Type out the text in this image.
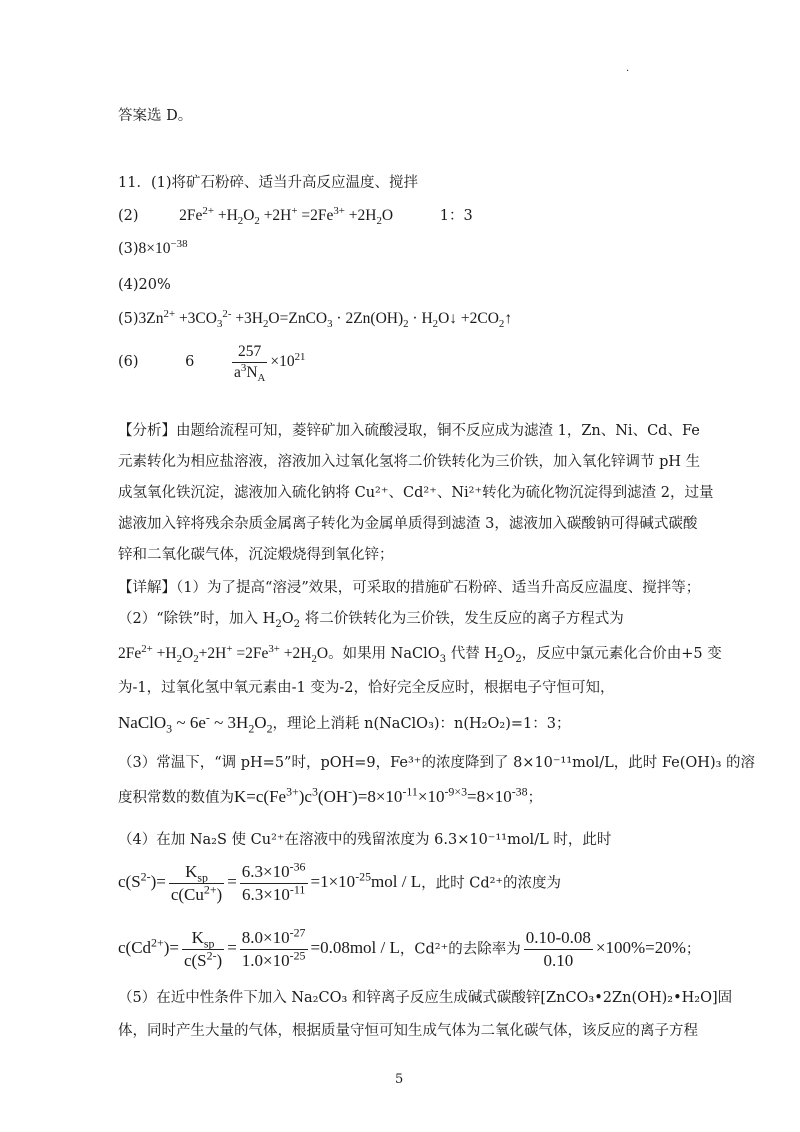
.
答案选 D。
11．(1)将矿石粉碎、适当升高反应温度、搅拌
(2)	$2Fe^{2+} +H_2O_2 +2H^+ =2Fe^{3+} +2H_2O$	1：3
$(3)8\times 10^{-38}$
(4)20%
$(5)3Zn^{2+} +3CO_3^{2-}$ $+3H_2O=ZnCO_3 \cdot 2Zn(OH)_2$ · $H_2O↓$ $+2CO_2↑$
(6)	$6 \frac{257}{a^3N_A} \times 10^{21}$
【分析】由题给流程可知，菱锌矿加入硫酸浸取，铜不反应成为滤渣 1，Zn、Ni、Cd、Fe
元素转化为相应盐溶液，溶液加入过氧化氢将二价铁转化为三价铁，加入氧化锌调节 pH 生
成氢氧化铁沉淀，滤液加入硫化钠将 Cu²⁺、Cd²⁺、Ni²⁺转化为硫化物沉淀得到滤渣 2，过量
滤液加入锌将残余杂质金属离子转化为金属单质得到滤渣 3，滤液加入碳酸钠可得碱式碳酸
锌和二氧化碳气体，沉淀煅烧得到氧化锌；
【详解】（1）为了提高“溶浸”效果，可采取的措施矿石粉碎、适当升高反应温度、搅拌等；
（2）“除铁”时，加入 $H_2O_2$ 将二价铁转化为三价铁，发生反应的离子方程式为
$2Fe^{2+} +H_2O_2+2H^+ =2Fe^{3+} +2H_2O$。如果用 NaClO$_3$ 代替 $H_2O_2$，反应中氯元素化合价由+5 变
为-1，过氧化氢中氧元素由-1 变为-2，恰好完全反应时，根据电子守恒可知，
NaClO$_3$ ~ 6e- ~ $3H_2O_2$，理论上消耗 n(NaClO₃)：n(H₂O₂)=1：3；
（3）常温下，“调 pH=5”时，pOH=9，Fe³⁺的浓度降到了 8×10⁻¹¹mol/L，此时 Fe(OH)₃ 的溶
度积常数的数值为$K=c(Fe^{3+})c^3(OH^-)=8\times 10^{-11}\times 10^{-9\times 3}=8\times 10^{-38}$；
（4）在加 Na₂S 使 Cu²⁺在溶液中的残留浓度为 6.3×10⁻¹¹mol/L 时，此时
$c(S^{2-})= \frac{K_{sp}}{c(Cu^{2+})} = \frac{6.3\times 10^{-36}}{6.3\times 10^{-11}} =1\times 10^{-25}mol / L$，此时 Cd²⁺的浓度为
$c(Cd^{2+})= \frac{K_{sp}}{c(S^{2-})} = \frac{8.0\times 10^{-27}}{1.0\times 10^{-25}} =0.08mol / L$，Cd²⁺的去除率为 $\frac{0.10-0.08}{0.10} \times 100\%=20\%$；
（5）在近中性条件下加入 Na₂CO₃ 和锌离子反应生成碱式碳酸锌[ZnCO₃•2Zn(OH)₂•H₂O]固
体，同时产生大量的气体，根据质量守恒可知生成气体为二氧化碳气体，该反应的离子方程
5
